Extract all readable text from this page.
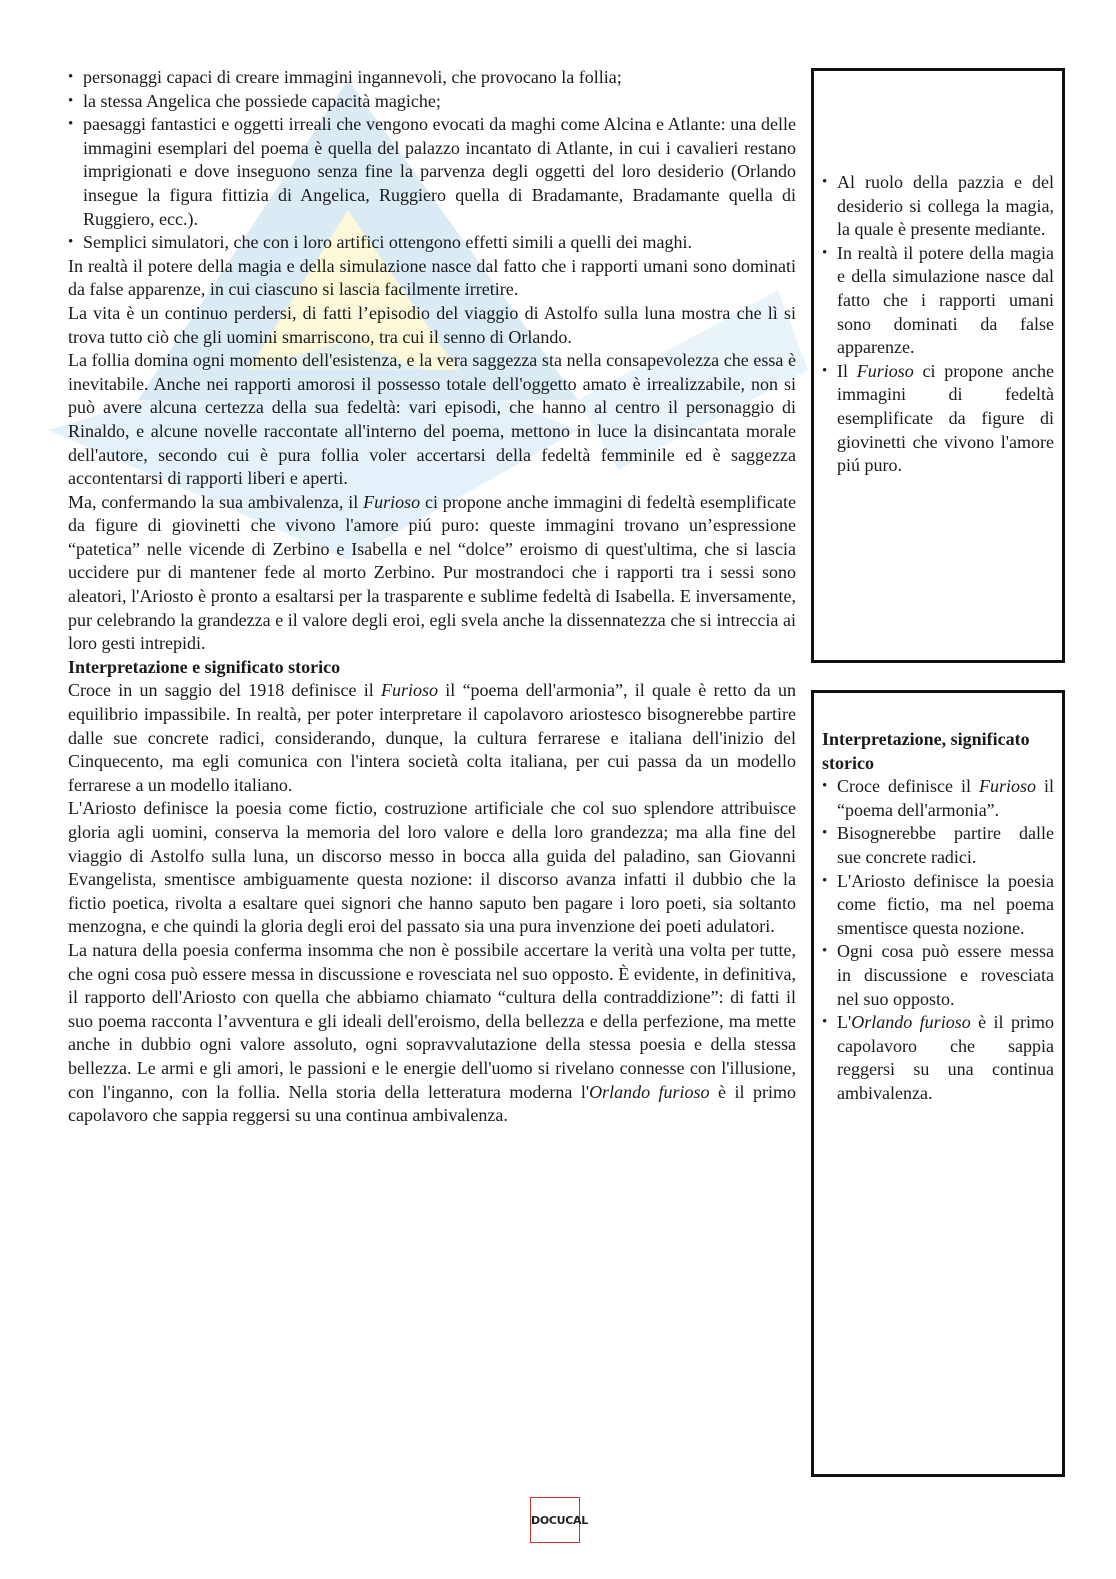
• personaggi capaci di creare immagini ingannevoli, che provocano la follia;
• la stessa Angelica che possiede capacità magiche;
• paesaggi fantastici e oggetti irreali che vengono evocati da maghi come Alcina e Atlante: una delle immagini esemplari del poema è quella del palazzo incantato di Atlante, in cui i cavalieri restano imprigionati e dove inseguono senza fine la parvenza degli oggetti del loro desiderio (Orlando insegue la figura fittizia di Angelica, Ruggiero quella di Bradamante, Bradamante quella di Ruggiero, ecc.).
• Semplici simulatori, che con i loro artifici ottengono effetti simili a quelli dei maghi.

In realtà il potere della magia e della simulazione nasce dal fatto che i rapporti umani sono dominati da false apparenze, in cui ciascuno si lascia facilmente irretire.

La vita è un continuo perdersi, di fatti l’episodio del viaggio di Astolfo sulla luna mostra che lì si trova tutto ciò che gli uomini smarriscono, tra cui il senno di Orlando.

La follia domina ogni momento dell'esistenza, e la vera saggezza sta nella consapevolezza che essa è inevitabile. Anche nei rapporti amorosi il possesso totale dell'oggetto amato è irrealizzabile, non si può avere alcuna certezza della sua fedeltà: vari episodi, che hanno al centro il personaggio di Rinaldo, e alcune novelle raccontate all'interno del poema, mettono in luce la disincantata morale dell'autore, secondo cui è pura follia voler accertarsi della fedeltà femminile ed è saggezza accontentarsi di rapporti liberi e aperti.

Ma, confermando la sua ambivalenza, il Furioso ci propone anche immagini di fedeltà esemplificate da figure di giovinetti che vivono l'amore piú puro: queste immagini trovano un’espressione “patetica” nelle vicende di Zerbino e Isabella e nel “dolce” eroismo di quest'ultima, che si lascia uccidere pur di mantener fede al morto Zerbino. Pur mostrandoci che i rapporti tra i sessi sono aleatori, l'Ariosto è pronto a esaltarsi per la trasparente e sublime fedeltà di Isabella. E inversamente, pur celebrando la grandezza e il valore degli eroi, egli svela anche la dissennatezza che si intreccia ai loro gesti intrepidi.

Interpretazione e significato storico

Croce in un saggio del 1918 definisce il Furioso il “poema dell'armonia”, il quale è retto da un equilibrio impassibile. In realtà, per poter interpretare il capolavoro ariostesco bisognerebbe partire dalle sue concrete radici, considerando, dunque, la cultura ferrarese e italiana dell'inizio del Cinquecento, ma egli comunica con l'intera società colta italiana, per cui passa da un modello ferrarese a un modello italiano.

L'Ariosto definisce la poesia come fictio, costruzione artificiale che col suo splendore attribuisce gloria agli uomini, conserva la memoria del loro valore e della loro grandezza; ma alla fine del viaggio di Astolfo sulla luna, un discorso messo in bocca alla guida del paladino, san Giovanni Evangelista, smentisce ambiguamente questa nozione: il discorso avanza infatti il dubbio che la fictio poetica, rivolta a esaltare quei signori che hanno saputo ben pagare i loro poeti, sia soltanto menzogna, e che quindi la gloria degli eroi del passato sia una pura invenzione dei poeti adulatori.

La natura della poesia conferma insomma che non è possibile accertare la verità una volta per tutte, che ogni cosa può essere messa in discussione e rovesciata nel suo opposto. È evidente, in definitiva, il rapporto dell'Ariosto con quella che abbiamo chiamato “cultura della contraddizione”: di fatti il suo poema racconta l’avventura e gli ideali dell'eroismo, della bellezza e della perfezione, ma mette anche in dubbio ogni valore assoluto, ogni sopravvalutazione della stessa poesia e della stessa bellezza. Le armi e gli amori, le passioni e le energie dell'uomo si rivelano connesse con l'illusione, con l'inganno, con la follia. Nella storia della letteratura moderna l'Orlando furioso è il primo capolavoro che sappia reggersi su una continua ambivalenza.

• Al ruolo della pazzia e del desiderio si collega la magia, la quale è presente mediante.
• In realtà il potere della magia e della simulazione nasce dal fatto che i rapporti umani sono dominati da false apparenze.
• Il Furioso ci propone anche immagini di fedeltà esemplificate da figure di giovinetti che vivono l'amore piú puro.
Interpretazione, significato storico
• Croce definisce il Furioso il “poema dell'armonia”.
• Bisognerebbe partire dalle sue concrete radici.
• L'Ariosto definisce la poesia come fictio, ma nel poema smentisce questa nozione.
• Ogni cosa può essere messa in discussione e rovesciata nel suo opposto.
• L'Orlando furioso è il primo capolavoro che sappia reggersi su una continua ambivalenza.
DOCUCAL
